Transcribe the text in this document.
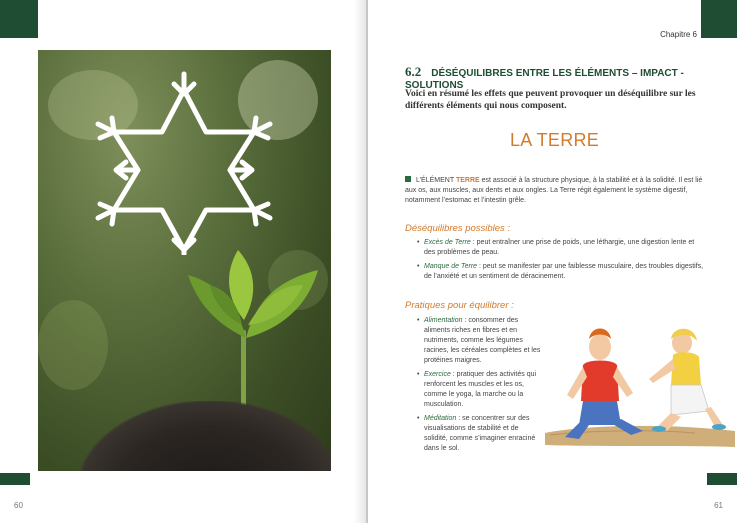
60
Chapitre 6
6.2 DÉSÉQUILIBRES ENTRE LES ÉLÉMENTS – IMPACT - SOLUTIONS
Voici en résumé les effets que peuvent provoquer un déséquilibre sur les différents éléments qui nous composent.
LA TERRE
L’ÉLÉMENT TERRE est associé à la structure physique, à la stabilité et à la solidité. Il est lié aux os, aux muscles, aux dents et aux ongles. La Terre régit également le système digestif, notamment l’estomac et l’intestin grêle.
Déséquilibres possibles :
• Excès de Terre : peut entraîner une prise de poids, une léthargie, une digestion lente et des problèmes de peau.
• Manque de Terre : peut se manifester par une faiblesse musculaire, des troubles digestifs, de l’anxiété et un sentiment de déracinement.
Pratiques pour équilibrer :
• Alimentation : consommer des aliments riches en fibres et en nutriments, comme les légumes racines, les céréales complètes et les protéines maigres.
• Exercice : pratiquer des activités qui renforcent les muscles et les os, comme le yoga, la marche ou la musculation.
• Méditation : se concentrer sur des visualisations de stabilité et de solidité, comme s’imaginer enraciné dans le sol.
61
